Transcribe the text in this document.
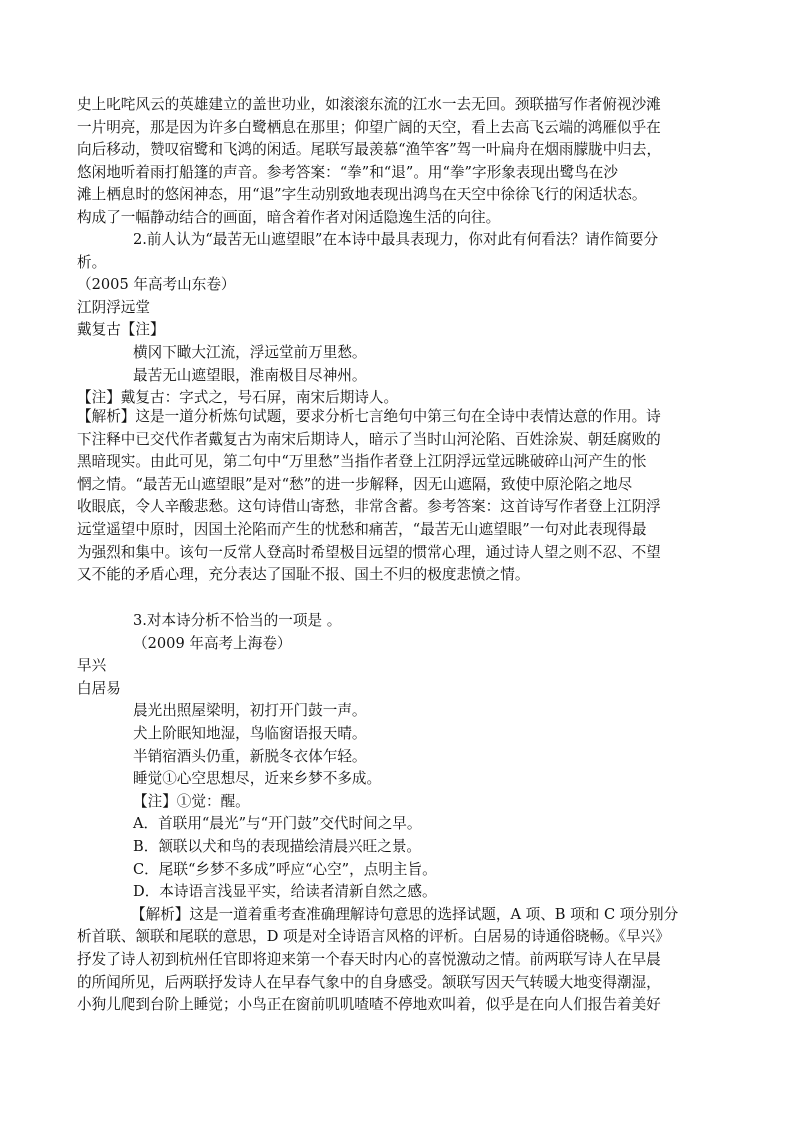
史上叱咤风云的英雄建立的盖世功业，如滚滚东流的江水一去无回。颈联描写作者俯视沙滩
一片明亮，那是因为许多白鹭栖息在那里；仰望广阔的天空，看上去高飞云端的鸿雁似乎在
向后移动，赞叹宿鹭和飞鸿的闲适。尾联写最羡慕“渔竿客”驾一叶扁舟在烟雨朦胧中归去，
悠闲地听着雨打船篷的声音。参考答案：“拳”和“退”。用“拳”字形象表现出鹭鸟在沙
滩上栖息时的悠闲神态，用“退”字生动别致地表现出鸿鸟在天空中徐徐飞行的闲适状态。
构成了一幅静动结合的画面，暗含着作者对闲适隐逸生活的向往。
2.前人认为“最苦无山遮望眼”在本诗中最具表现力，你对此有何看法？请作简要分
析。
（2005 年高考山东卷）
江阴浮远堂
戴复古【注】
横冈下瞰大江流，浮远堂前万里愁。
最苦无山遮望眼，淮南极目尽神州。
【注】戴复古：字式之，号石屏，南宋后期诗人。
【解析】这是一道分析炼句试题，要求分析七言绝句中第三句在全诗中表情达意的作用。诗
下注释中已交代作者戴复古为南宋后期诗人，暗示了当时山河沦陷、百姓涂炭、朝廷腐败的
黑暗现实。由此可见，第二句中“万里愁”当指作者登上江阴浮远堂远眺破碎山河产生的怅
惘之情。“最苦无山遮望眼”是对“愁”的进一步解释，因无山遮隔，致使中原沦陷之地尽
收眼底，令人辛酸悲愁。这句诗借山寄愁，非常含蓄。参考答案：这首诗写作者登上江阴浮
远堂遥望中原时，因国土沦陷而产生的忧愁和痛苦，“最苦无山遮望眼”一句对此表现得最
为强烈和集中。该句一反常人登高时希望极目远望的惯常心理，通过诗人望之则不忍、不望
又不能的矛盾心理，充分表达了国耻不报、国土不归的极度悲愤之情。
3.对本诗分析不恰当的一项是 。
（2009 年高考上海卷）
早兴
白居易
晨光出照屋梁明，初打开门鼓一声。
犬上阶眠知地湿，鸟临窗语报天晴。
半销宿酒头仍重，新脱冬衣体乍轻。
睡觉①心空思想尽，近来乡梦不多成。
【注】①觉：醒。
A．首联用“晨光”与“开门鼓”交代时间之早。
B．颔联以犬和鸟的表现描绘清晨兴旺之景。
C．尾联“乡梦不多成”呼应“心空”，点明主旨。
D．本诗语言浅显平实，给读者清新自然之感。
【解析】这是一道着重考查准确理解诗句意思的选择试题，A 项、B 项和 C 项分别分
析首联、颔联和尾联的意思，D 项是对全诗语言风格的评析。白居易的诗通俗晓畅。《早兴》
抒发了诗人初到杭州任官即将迎来第一个春天时内心的喜悦激动之情。前两联写诗人在早晨
的所闻所见，后两联抒发诗人在早春气象中的自身感受。颔联写因天气转暖大地变得潮湿，
小狗儿爬到台阶上睡觉；小鸟正在窗前叽叽喳喳不停地欢叫着，似乎是在向人们报告着美好
